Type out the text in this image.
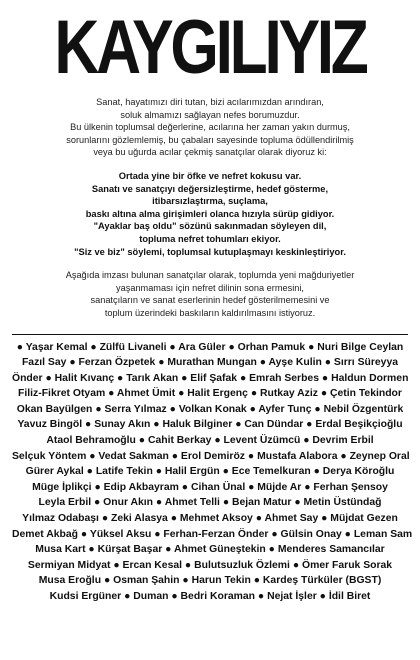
KAYGILIYIZ

Sanat, hayatımızı diri tutan, bizi acılarımızdan arındıran,

soluk almamızı sağlayan nefes borumuzdur.

Bu ülkenin toplumsal değerlerine, acılarına her zaman yakın durmuş,

sorunlarını gözlemlemiş, bu çabaları sayesinde topluma ödüllendirilmiş

veya bu uğurda acılar çekmiş sanatçılar olarak diyoruz ki:

Ortada yine bir öfke ve nefret kokusu var.

Sanatı ve sanatçıyı değersizleştirme, hedef gösterme,

itibarsızlaştırma, suçlama,

baskı altına alma girişimleri olanca hızıyla sürüp gidiyor.

"Ayaklar baş oldu" sözünü sakınmadan söyleyen dil,

topluma nefret tohumları ekiyor.

"Siz ve biz" söylemi, toplumsal kutuplaşmayı keskinleştiriyor.

Aşağıda imzası bulunan sanatçılar olarak, toplumda yeni mağduriyetler

yaşanmaması için nefret dilinin sona ermesini,

sanatçıların ve sanat eserlerinin hedef gösterilmemesini ve

toplum üzerindeki baskıların kaldırılmasını istiyoruz.

● Yaşar Kemal ● Zülfü Livaneli ● Ara Güler ● Orhan Pamuk ● Nuri Bilge Ceylan
Fazıl Say ● Ferzan Özpetek ● Murathan Mungan ● Ayşe Kulin ● Sırrı Süreyya
Önder ● Halit Kıvanç ● Tarık Akan ● Elif Şafak ● Emrah Serbes ● Haldun Dormen
Filiz-Fikret Otyam ● Ahmet Ümit ● Halit Ergenç ● Rutkay Aziz ● Çetin Tekindor
Okan Bayülgen ● Serra Yılmaz ● Volkan Konak ● Ayfer Tunç ● Nebil Özgentürk
Yavuz Bingöl ● Sunay Akın ● Haluk Bilginer ● Can Dündar ● Erdal Beşikçioğlu
Ataol Behramoğlu ● Cahit Berkay ● Levent Üzümcü ● Devrim Erbil
Selçuk Yöntem ● Vedat Sakman ● Erol Demiröz ● Mustafa Alabora ● Zeynep Oral
Gürer Aykal ● Latife Tekin ● Halil Ergün ● Ece Temelkuran ● Derya Köroğlu
Müge İplikçi ● Edip Akbayram ● Cihan Ünal ● Müjde Ar ● Ferhan Şensoy
Leyla Erbil ● Onur Akın ● Ahmet Telli ● Bejan Matur ● Metin Üstündağ
Yılmaz Odabaşı ● Zeki Alasya ● Mehmet Aksoy ● Ahmet Say ● Müjdat Gezen
Demet Akbağ ● Yüksel Aksu ● Ferhan-Ferzan Önder ● Gülsin Onay ● Leman Sam
Musa Kart ● Kürşat Başar ● Ahmet Güneştekin ● Menderes Samancılar
Sermiyan Midyat ● Ercan Kesal ● Bulutsuzluk Özlemi ● Ömer Faruk Sorak
Musa Eroğlu ● Osman Şahin ● Harun Tekin ● Kardeş Türküler (BGST)
Kudsi Ergüner ● Duman ● Bedri Koraman ● Nejat İşler ● İdil Biret
